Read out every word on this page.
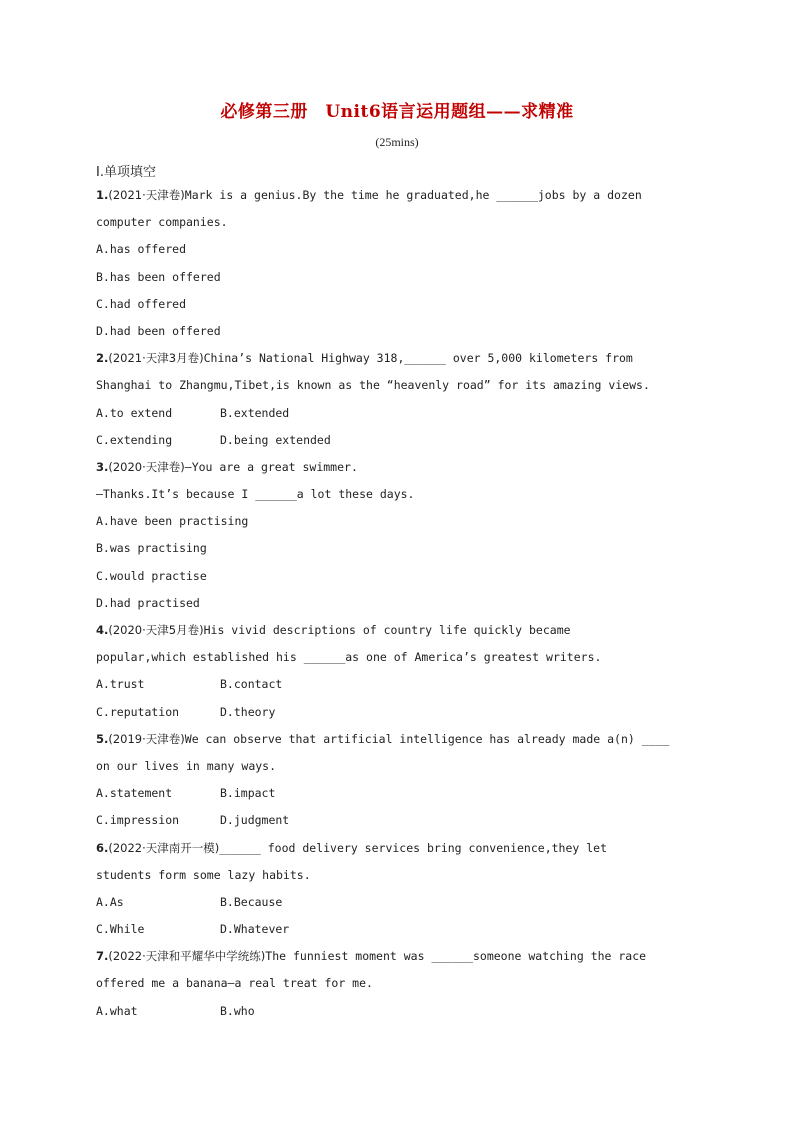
必修第三册　Unit6语言运用题组——求精准
(25mins)
Ⅰ.单项填空
1.(2021·天津卷)Mark is a genius.By the time he graduated,he ______jobs by a dozen
computer companies.
A.has offered
B.has been offered
C.had offered
D.had been offered
2.(2021·天津3月卷)China’s National Highway 318,______ over 5,000 kilometers from
Shanghai to Zhangmu,Tibet,is known as the “heavenly road” for its amazing views.
A.to extend	B.extended
C.extending	D.being extended
3.(2020·天津卷)—You are a great swimmer.
—Thanks.It’s because I ______a lot these days.
A.have been practising
B.was practising
C.would practise
D.had practised
4.(2020·天津5月卷)His vivid descriptions of country life quickly became
popular,which established his ______as one of America’s greatest writers.
A.trust	B.contact
C.reputation	D.theory
5.(2019·天津卷)We can observe that artificial intelligence has already made a(n) ____
on our lives in many ways.
A.statement	B.impact
C.impression	D.judgment
6.(2022·天津南开一模)______ food delivery services bring convenience,they let
students form some lazy habits.
A.As	B.Because
C.While	D.Whatever
7.(2022·天津和平耀华中学统练)The funniest moment was ______someone watching the race
offered me a banana—a real treat for me.
A.what	B.who
